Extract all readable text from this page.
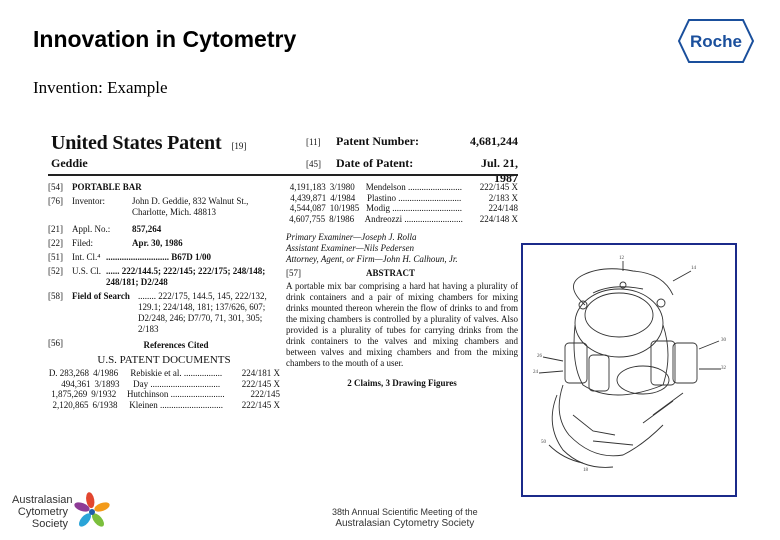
Innovation in Cytometry
Invention: Example
Roche
United States Patent [19]
Geddie
[11]	Patent Number:	4,681,244
[45]	Date of Patent:	Jul. 21, 1987
[54]	PORTABLE BAR
[76]	Inventor:	John D. Geddie, 832 Walnut St., Charlotte, Mich. 48813
[21]	Appl. No.:	857,264
[22]	Filed:	Apr. 30, 1986
[51]	Int. Cl.⁴ ............................ B67D 1/00
[52]	U.S. Cl. ...... 222/144.5; 222/145; 222/175; 248/148; 248/181; D2/248
[58]	Field of Search ........ 222/175, 144.5, 145, 222/132, 129.1; 224/148, 181; 137/626, 607; D2/248, 246; D7/70, 71, 301, 305; 2/183
[56]	References Cited
U.S. PATENT DOCUMENTS
D. 283,268 4/1986	Rebiskie et al. .................	224/181 X
494,361 3/1893	Day ...............................	222/145 X
1,875,269 9/1932	Hutchinson ........................	222/145
2,120,865 6/1938	Kleinen ............................	222/145 X
4,191,183 3/1980	Mendelson ........................	222/145 X
4,439,871 4/1984	Plastino ............................	2/183 X
4,544,087 10/1985 Modig ...............................	224/148
4,607,755 8/1986	Andreozzi ..........................	224/148 X
Primary Examiner—Joseph J. Rolla
Assistant Examiner—Nils Pedersen
Attorney, Agent, or Firm—John H. Calhoun, Jr.
[57]	ABSTRACT
A portable mix bar comprising a hard hat having a plurality of drink containers and a pair of mixing chambers for mixing drinks mounted thereon wherein the flow of drinks to and from the mixing chambers is controlled by a plurality of valves. Also provided is a plurality of tubes for carrying drinks from the drink containers to the valves and mixing chambers and between valves and mixing chambers and from the mixing chambers to the mouth of a user.
2 Claims, 3 Drawing Figures
26
24
30
32
12
14
50
18
Australasian
Cytometry
Society
38th Annual Scientific Meeting of the
Australasian Cytometry Society
